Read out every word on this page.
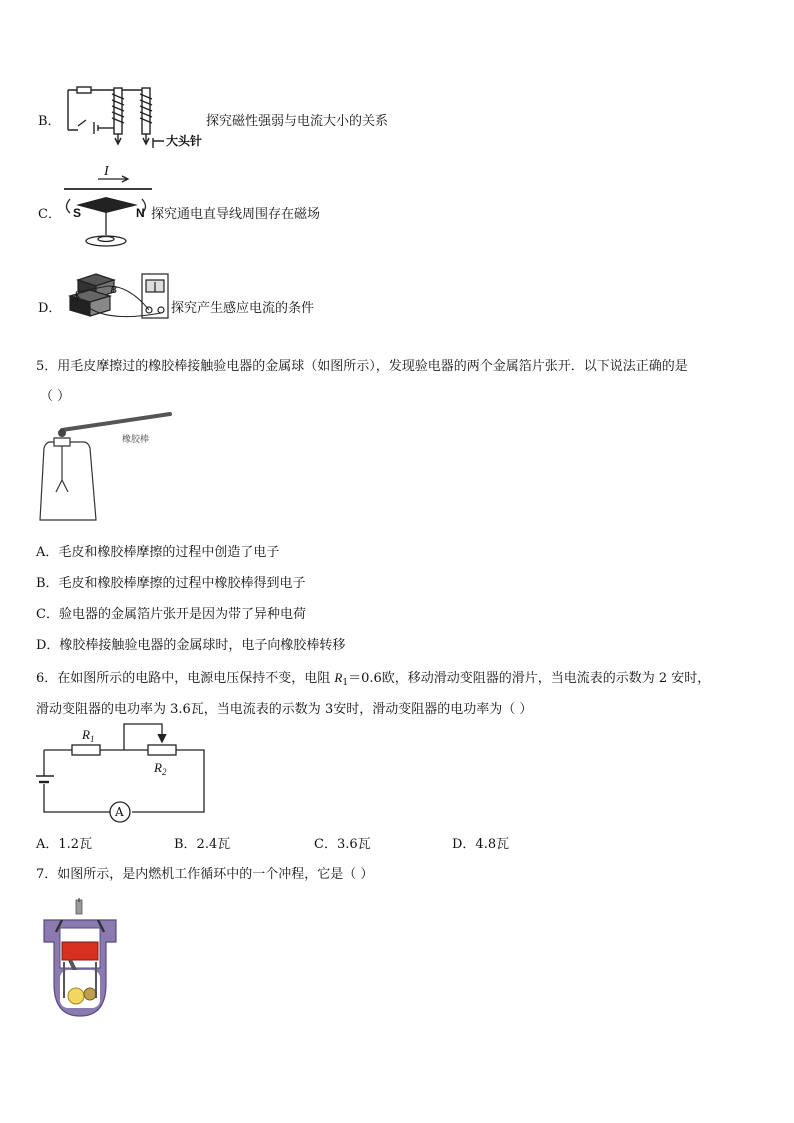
B．
大头针
探究磁性强弱与电流大小的关系
C．
I
S	N 探究通电直导线周围存在磁场
D．
A
B
探究产生感应电流的条件
5．用毛皮摩擦过的橡胶棒接触验电器的金属球（如图所示），发现验电器的两个金属箔片张开．以下说法正确的是
（ ）
橡胶棒
A．毛皮和橡胶棒摩擦的过程中创造了电子
B．毛皮和橡胶棒摩擦的过程中橡胶棒得到电子
C．验电器的金属箔片张开是因为带了异种电荷
D．橡胶棒接触验电器的金属球时，电子向橡胶棒转移
6．在如图所示的电路中，电源电压保持不变，电阻 $R_1=0.6$欧，移动滑动变阻器的滑片，当电流表的示数为 2 安时，
滑动变阻器的电功率为 3.6瓦，当电流表的示数为 3安时，滑动变阻器的电功率为（ ）
$R_1$
$R_2$
A
A．1.2瓦	B．2.4瓦	C．3.6瓦	D．4.8瓦
7．如图所示，是内燃机工作循环中的一个冲程，它是（ ）
